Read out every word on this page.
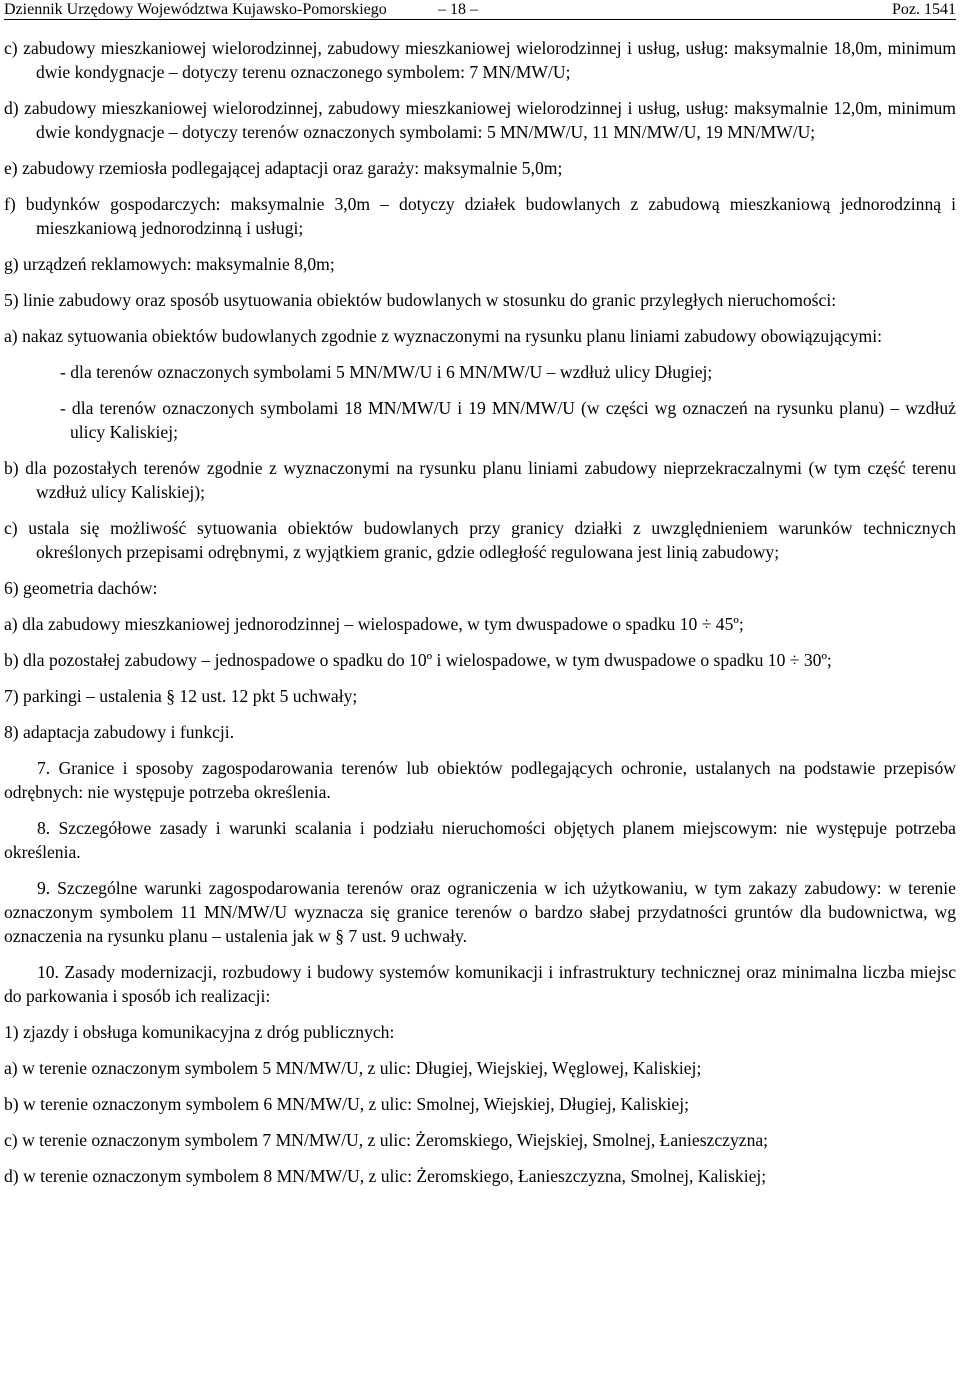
Dziennik Urzędowy Województwa Kujawsko-Pomorskiego	– 18 –	Poz. 1541
c) zabudowy mieszkaniowej wielorodzinnej, zabudowy mieszkaniowej wielorodzinnej i usług, usług: maksymalnie 18,0m, minimum dwie kondygnacje – dotyczy terenu oznaczonego symbolem: 7 MN/MW/U;
d) zabudowy mieszkaniowej wielorodzinnej, zabudowy mieszkaniowej wielorodzinnej i usług, usług: maksymalnie 12,0m, minimum dwie kondygnacje – dotyczy terenów oznaczonych symbolami: 5 MN/MW/U, 11 MN/MW/U, 19 MN/MW/U;
e) zabudowy rzemiosła podlegającej adaptacji oraz garaży: maksymalnie 5,0m;
f) budynków gospodarczych: maksymalnie 3,0m – dotyczy działek budowlanych z zabudową mieszkaniową jednorodzinną i mieszkaniową jednorodzinną i usługi;
g) urządzeń reklamowych: maksymalnie 8,0m;
5) linie zabudowy oraz sposób usytuowania obiektów budowlanych w stosunku do granic przyległych nieruchomości:
a) nakaz sytuowania obiektów budowlanych zgodnie z wyznaczonymi na rysunku planu liniami zabudowy obowiązującymi:
- dla terenów oznaczonych symbolami 5 MN/MW/U i 6 MN/MW/U – wzdłuż ulicy Długiej;
- dla terenów oznaczonych symbolami 18 MN/MW/U i 19 MN/MW/U (w części wg oznaczeń na rysunku planu) – wzdłuż ulicy Kaliskiej;
b) dla pozostałych terenów zgodnie z wyznaczonymi na rysunku planu liniami zabudowy nieprzekraczalnymi (w tym część terenu wzdłuż ulicy Kaliskiej);
c) ustala się możliwość sytuowania obiektów budowlanych przy granicy działki z uwzględnieniem warunków technicznych określonych przepisami odrębnymi, z wyjątkiem granic, gdzie odległość regulowana jest linią zabudowy;
6) geometria dachów:
a) dla zabudowy mieszkaniowej jednorodzinnej – wielospadowe, w tym dwuspadowe o spadku 10 ÷ 45º;
b) dla pozostałej zabudowy – jednospadowe o spadku do 10º i wielospadowe, w tym dwuspadowe o spadku 10 ÷ 30º;
7) parkingi – ustalenia § 12 ust. 12 pkt 5 uchwały;
8) adaptacja zabudowy i funkcji.
7. Granice i sposoby zagospodarowania terenów lub obiektów podlegających ochronie, ustalanych na podstawie przepisów odrębnych: nie występuje potrzeba określenia.
8. Szczegółowe zasady i warunki scalania i podziału nieruchomości objętych planem miejscowym: nie występuje potrzeba określenia.
9. Szczególne warunki zagospodarowania terenów oraz ograniczenia w ich użytkowaniu, w tym zakazy zabudowy: w terenie oznaczonym symbolem 11 MN/MW/U wyznacza się granice terenów o bardzo słabej przydatności gruntów dla budownictwa, wg oznaczenia na rysunku planu – ustalenia jak w § 7 ust. 9 uchwały.
10. Zasady modernizacji, rozbudowy i budowy systemów komunikacji i infrastruktury technicznej oraz minimalna liczba miejsc do parkowania i sposób ich realizacji:
1) zjazdy i obsługa komunikacyjna z dróg publicznych:
a) w terenie oznaczonym symbolem 5 MN/MW/U, z ulic: Długiej, Wiejskiej, Węglowej, Kaliskiej;
b) w terenie oznaczonym symbolem 6 MN/MW/U, z ulic: Smolnej, Wiejskiej, Długiej, Kaliskiej;
c) w terenie oznaczonym symbolem 7 MN/MW/U, z ulic: Żeromskiego, Wiejskiej, Smolnej, Łanieszczyzna;
d) w terenie oznaczonym symbolem 8 MN/MW/U, z ulic: Żeromskiego, Łanieszczyzna, Smolnej, Kaliskiej;
